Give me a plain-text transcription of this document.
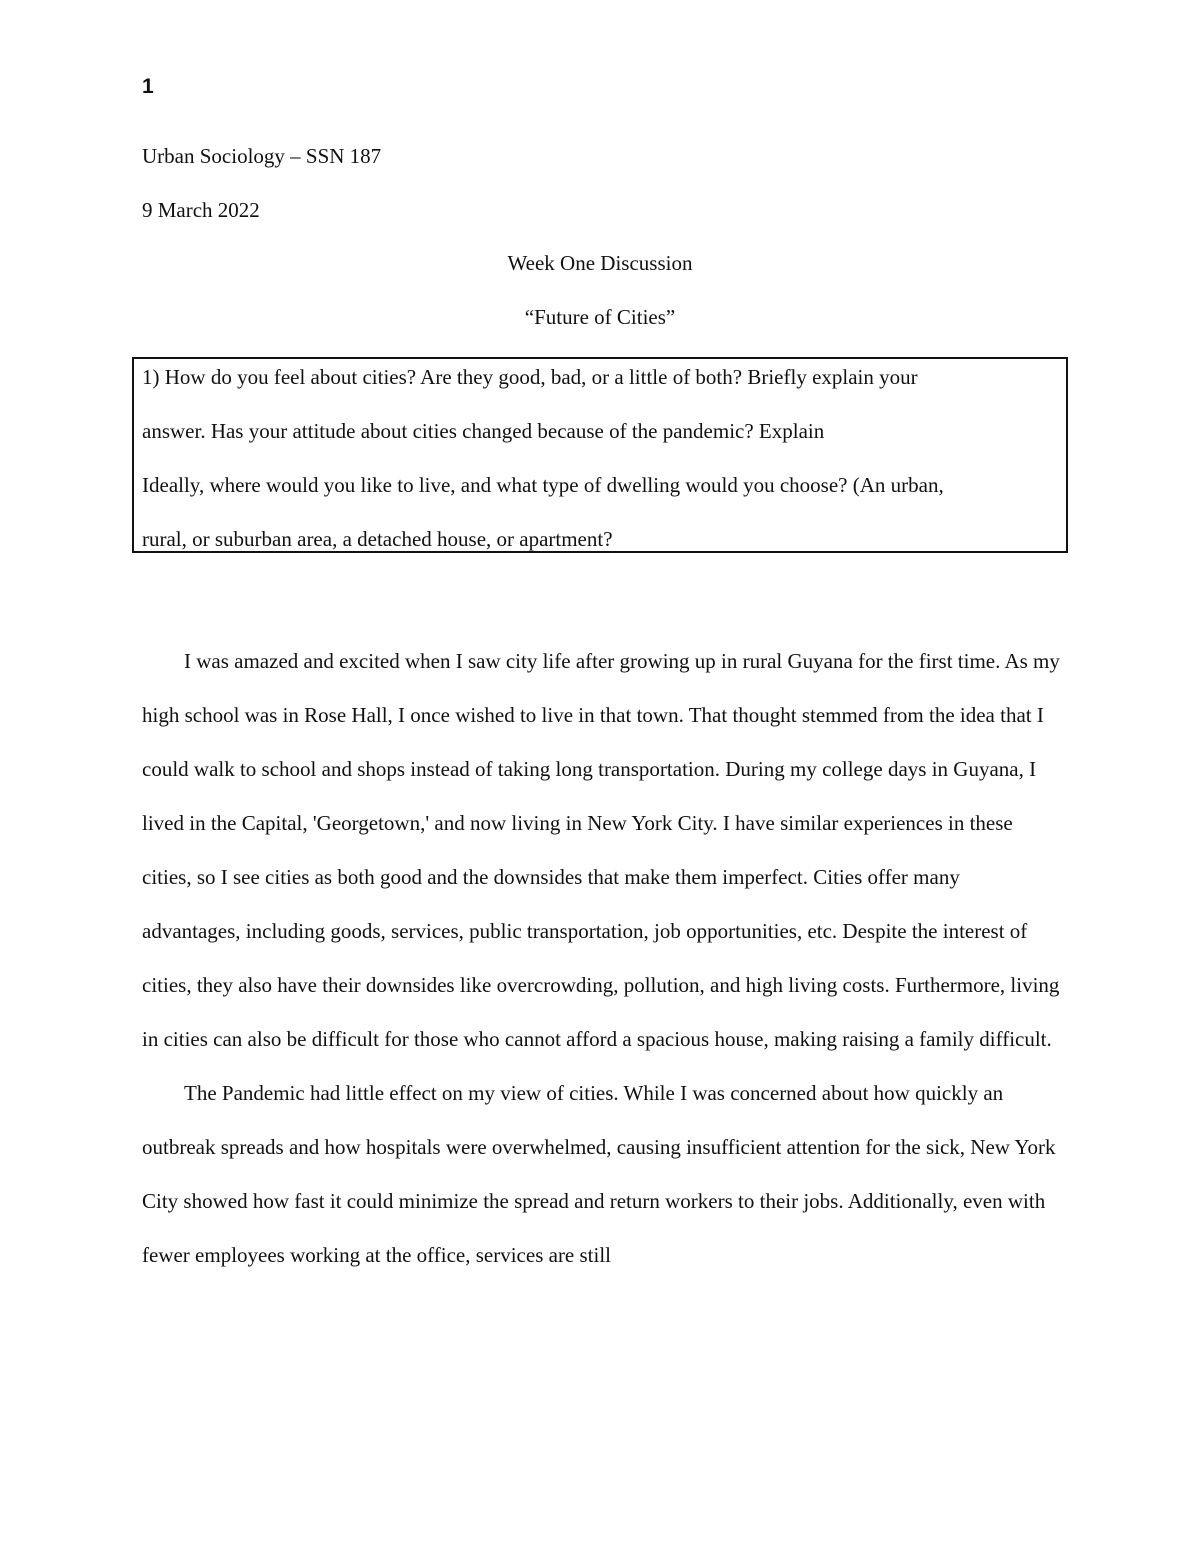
1
Urban Sociology – SSN 187
9 March 2022
Week One Discussion
“Future of Cities”
1) How do you feel about cities? Are they good, bad, or a little of both? Briefly explain your
answer. Has your attitude about cities changed because of the pandemic? Explain
Ideally, where would you like to live, and what type of dwelling would you choose? (An urban,
rural, or suburban area, a detached house, or apartment?

I was amazed and excited when I saw city life after growing up in rural Guyana for the first time. As my high school was in Rose Hall, I once wished to live in that town. That thought stemmed from the idea that I could walk to school and shops instead of taking long transportation. During my college days in Guyana, I lived in the Capital, 'Georgetown,' and now living in New York City. I have similar experiences in these cities, so I see cities as both good and the downsides that make them imperfect. Cities offer many advantages, including goods, services, public transportation, job opportunities, etc. Despite the interest of cities, they also have their downsides like overcrowding, pollution, and high living costs. Furthermore, living in cities can also be difficult for those who cannot afford a spacious house, making raising a family difficult.

The Pandemic had little effect on my view of cities. While I was concerned about how quickly an outbreak spreads and how hospitals were overwhelmed, causing insufficient attention for the sick, New York City showed how fast it could minimize the spread and return workers to their jobs. Additionally, even with fewer employees working at the office, services are still
